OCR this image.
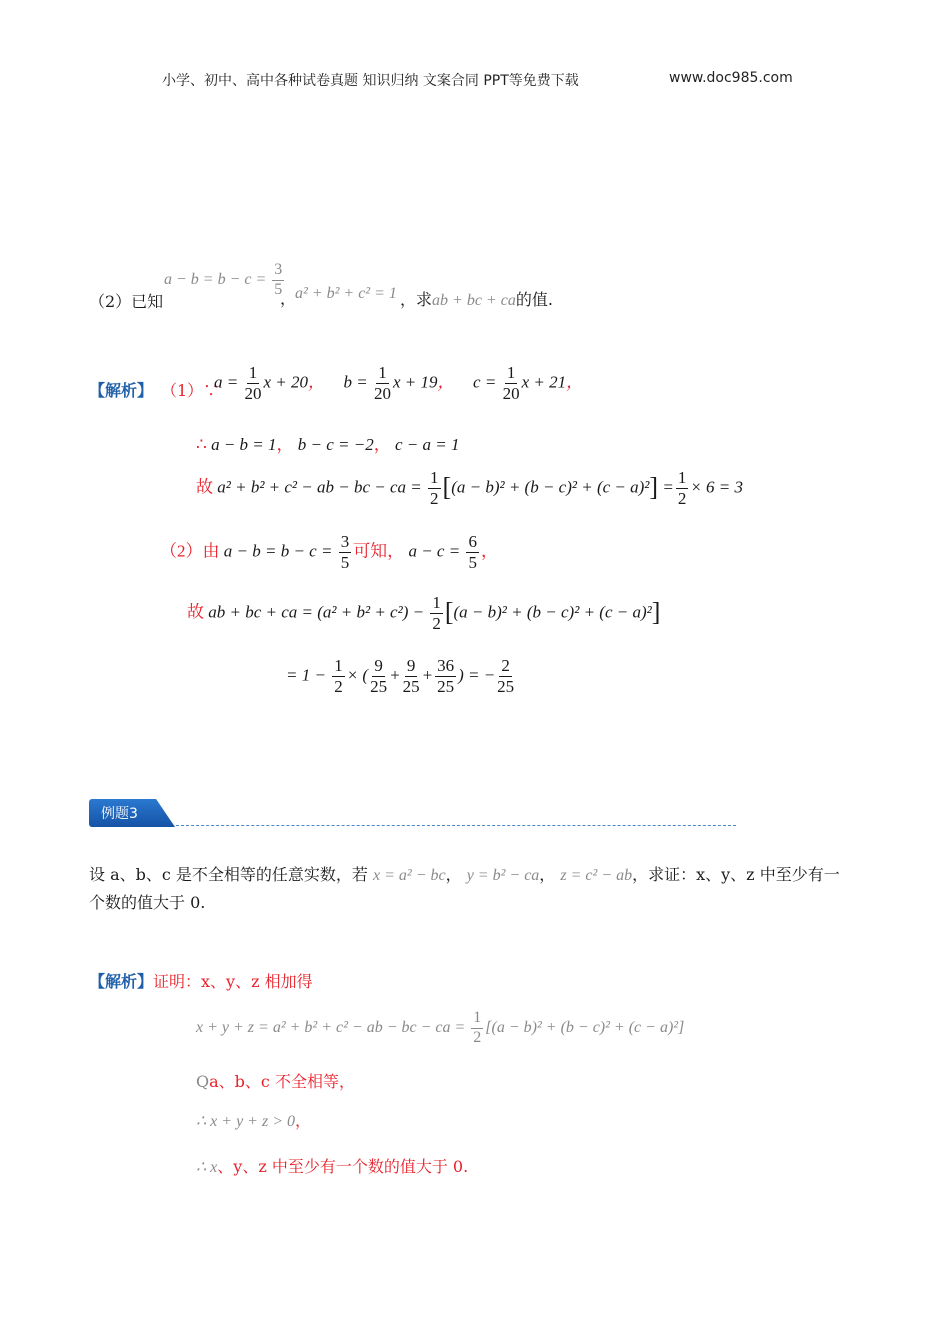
小学、初中、高中各种试卷真题 知识归纳 文案合同 PPT等免费下载	www.doc985.com
（2）已知
$a - b = b - c = \frac{3}{5}$
，
a² + b² + c² = 1 ，求ab + bc + ca的值.
【解析】 （1）∵
$a = \frac{1}{20}$ x + 20， $b = \frac{1}{20}$ x + 19， $c = \frac{1}{20}$ x + 21，
∴ a − b = 1， b − c = −2， c − a = 1
故 a² + b² + c² − ab − bc − ca = $\frac{1}{2} [(a - b)^2 + (b - c)^2 + (c - a)^2] = \frac{1}{2} \times 6 = 3$
（2）由 $a - b = b - c = \frac{3}{5}$ 可知， $a - c = \frac{6}{5}$ ，
故 ab + bc + ca = $(a^2 + b^2 + c^2) - \frac{1}{2} [(a - b)^2 + (b - c)^2 + (c - a)^2]$
= $1 - \frac{1}{2}$ × ( $\frac{9}{25} + \frac{9}{25} + \frac{36}{25}$ ) = − $\frac{2}{25}$
例题3
设 a、b、c 是不全相等的任意实数，若 x = a² − bc， y = b² − ca， z = c² − ab，求证：x、y、z 中至少有一
个数的值大于 0.
【解析】证明：x、y、z 相加得
x + y + z = a² + b² + c² − ab − bc − ca = $\frac{1}{2} [(a - b)^2 + (b - c)^2 + (c - a)^2]$
Qa、b、c 不全相等，
∴ x + y + z > 0，
∴ x、y、z 中至少有一个数的值大于 0.
